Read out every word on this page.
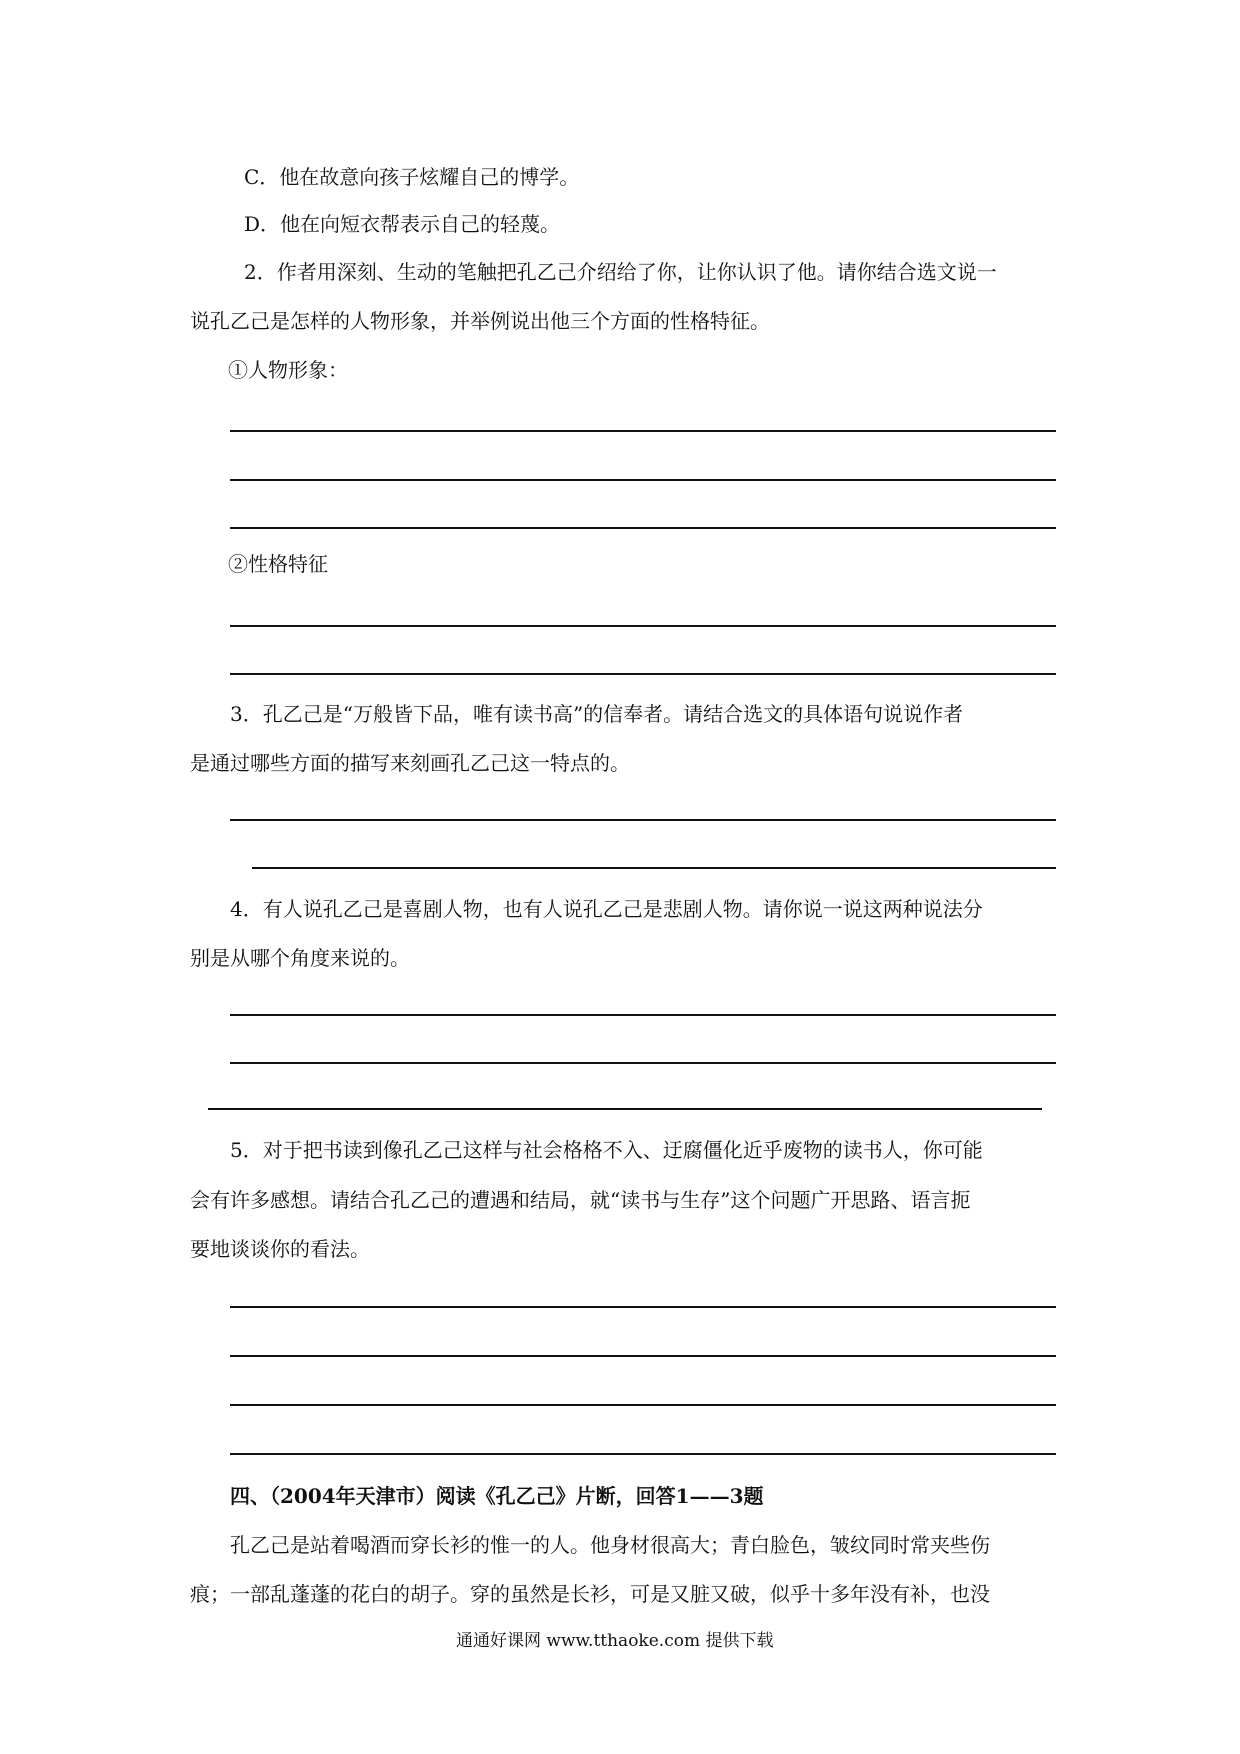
C．他在故意向孩子炫耀自己的博学。
D．他在向短衣帮表示自己的轻蔑。
2．作者用深刻、生动的笔触把孔乙己介绍给了你，让你认识了他。请你结合选文说一
说孔乙己是怎样的人物形象，并举例说出他三个方面的性格特征。
①人物形象：
②性格特征
3．孔乙己是“万般皆下品，唯有读书高”的信奉者。请结合选文的具体语句说说作者
是通过哪些方面的描写来刻画孔乙己这一特点的。
4．有人说孔乙己是喜剧人物，也有人说孔乙己是悲剧人物。请你说一说这两种说法分
别是从哪个角度来说的。
5．对于把书读到像孔乙己这样与社会格格不入、迂腐僵化近乎废物的读书人，你可能
会有许多感想。请结合孔乙己的遭遇和结局，就“读书与生存”这个问题广开思路、语言扼
要地谈谈你的看法。
四、（2004年天津市）阅读《孔乙己》片断，回答1——3题
孔乙己是站着喝酒而穿长衫的惟一的人。他身材很高大；青白脸色，皱纹同时常夹些伤
痕；一部乱蓬蓬的花白的胡子。穿的虽然是长衫，可是又脏又破，似乎十多年没有补，也没
通通好课网 www.tthaoke.com 提供下载
